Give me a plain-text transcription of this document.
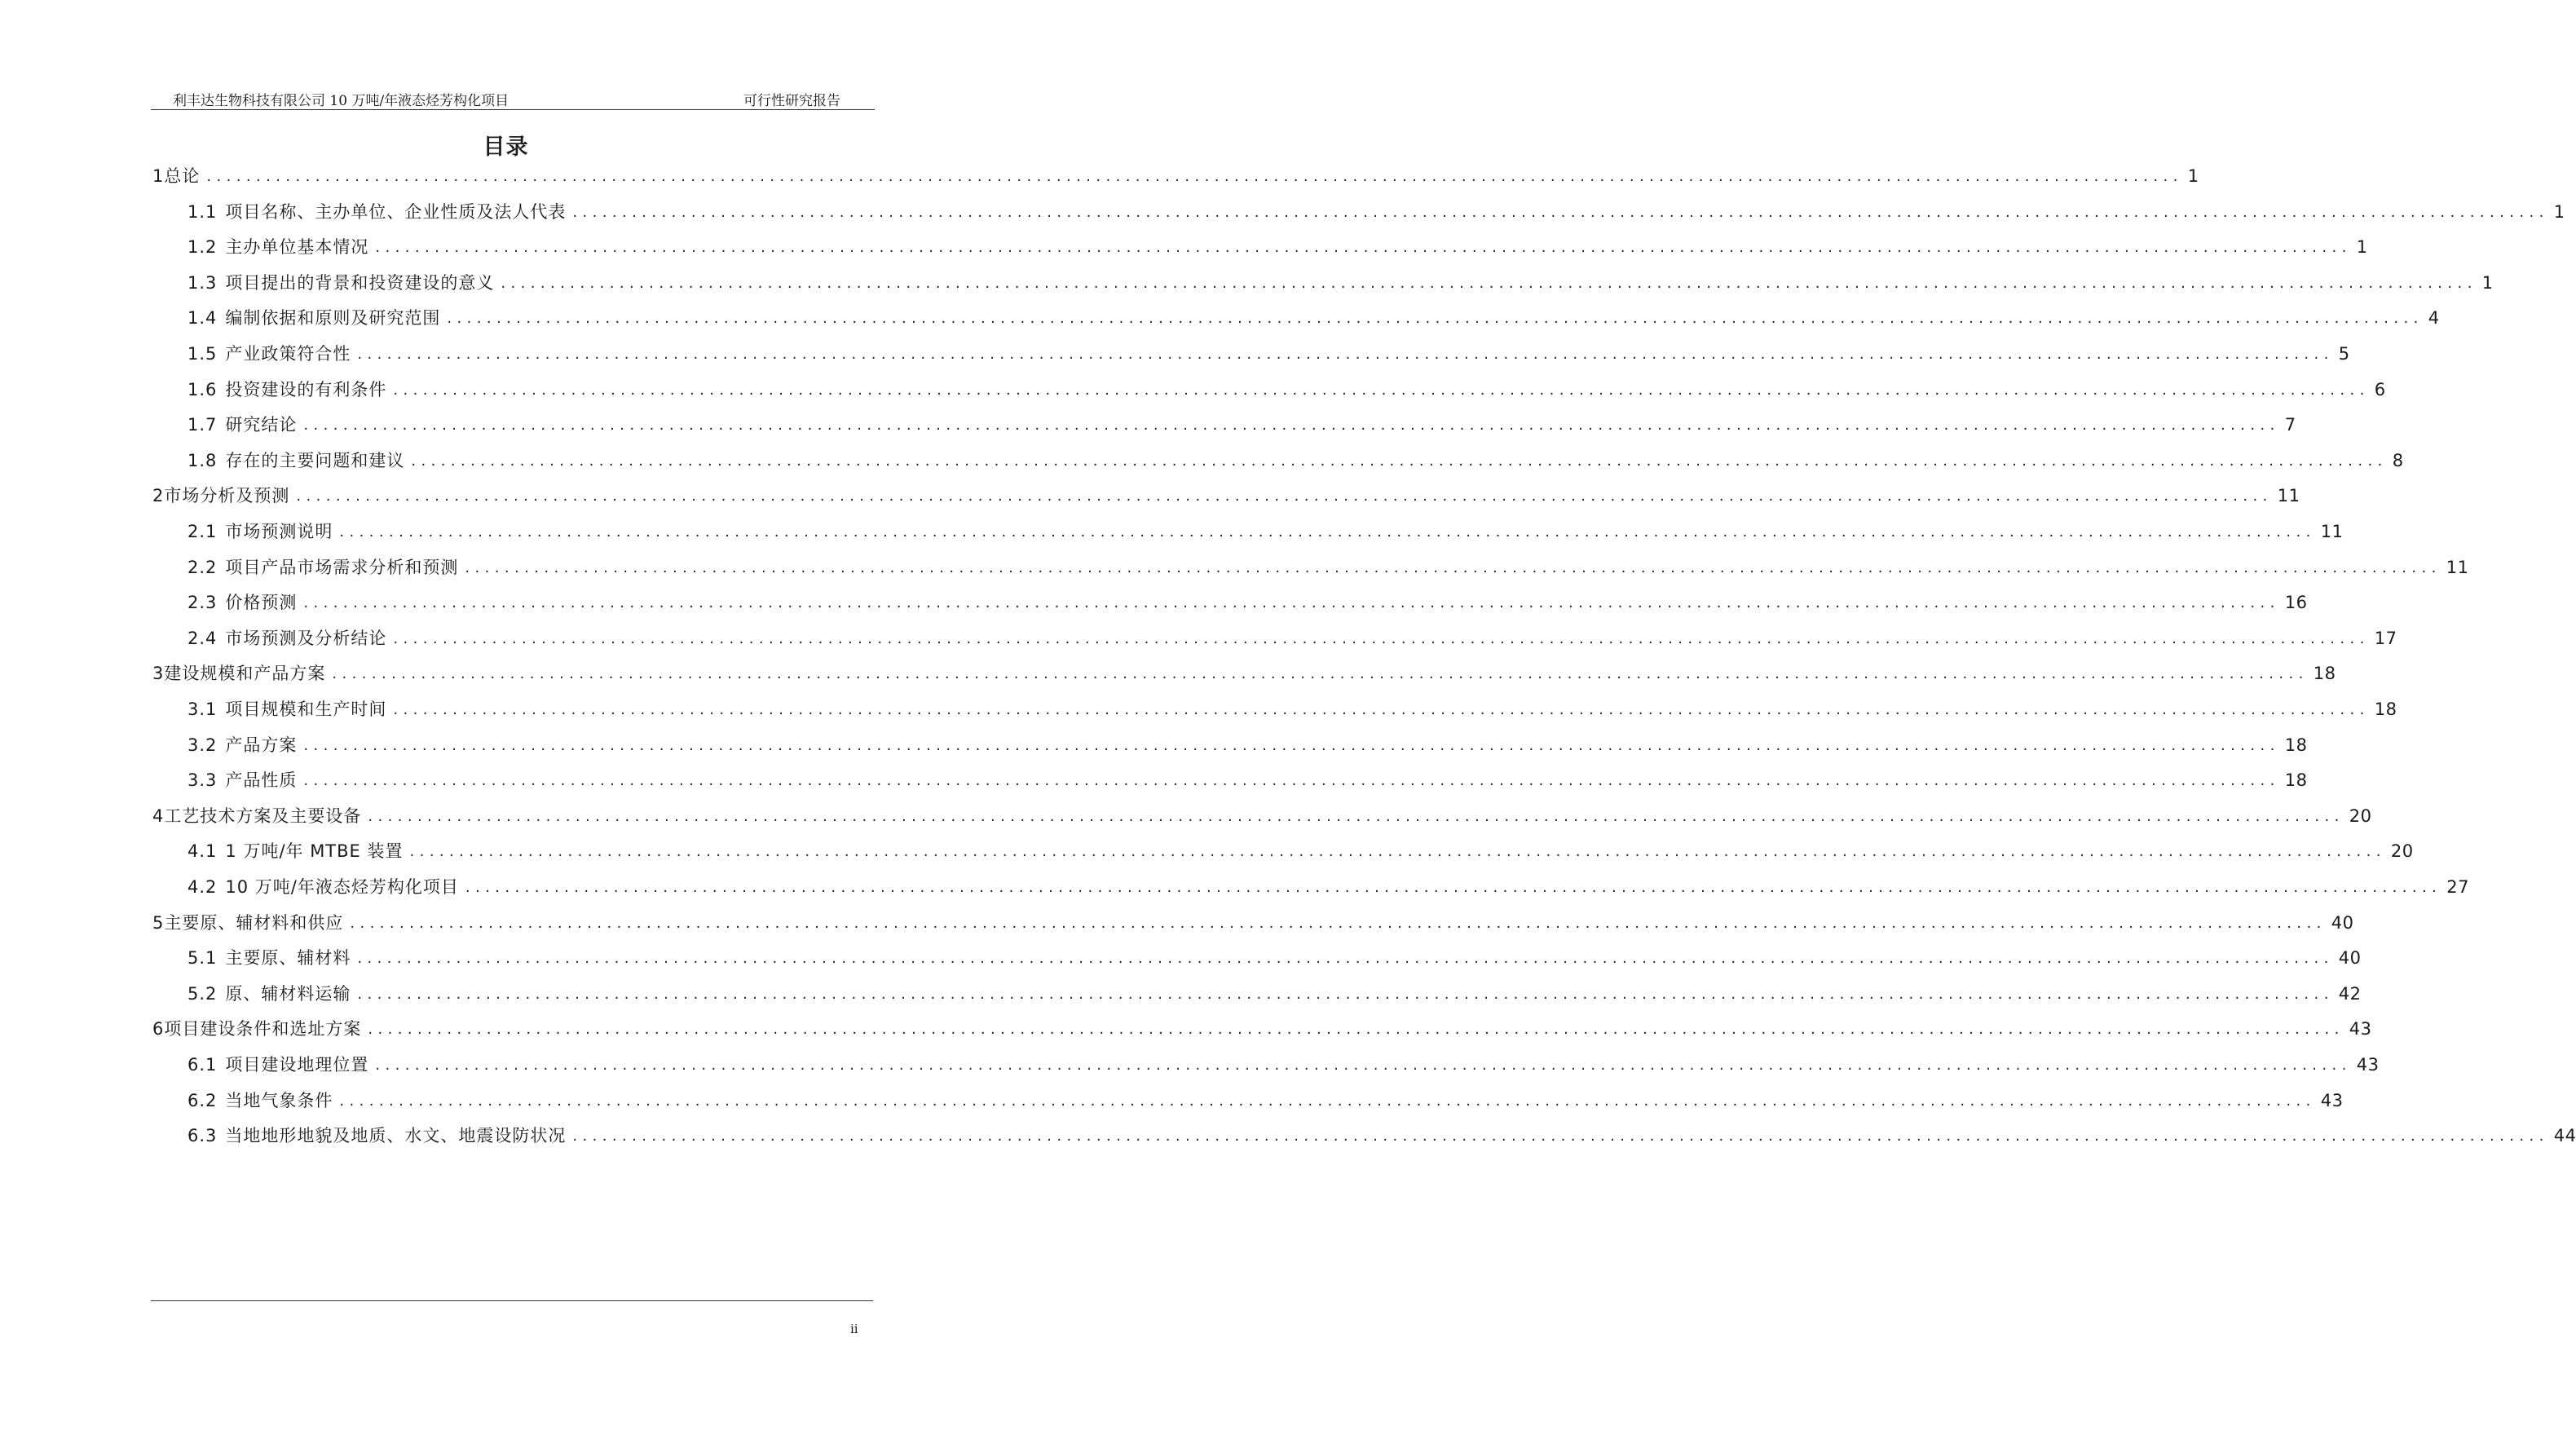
利丰达生物科技有限公司 10 万吨/年液态烃芳构化项目	可行性研究报告
目录
1 总论 ........................................................................................................................................................................................................ 1
1.1 项目名称、主办单位、企业性质及法人代表 ........................................................................................................................................................................................................ 1
1.2 主办单位基本情况 ........................................................................................................................................................................................................ 1
1.3 项目提出的背景和投资建设的意义 ........................................................................................................................................................................................................ 1
1.4 编制依据和原则及研究范围 ........................................................................................................................................................................................................ 4
1.5 产业政策符合性 ........................................................................................................................................................................................................ 5
1.6 投资建设的有利条件 ........................................................................................................................................................................................................ 6
1.7 研究结论 ........................................................................................................................................................................................................ 7
1.8 存在的主要问题和建议 ........................................................................................................................................................................................................ 8
2 市场分析及预测 ........................................................................................................................................................................................................ 11
2.1 市场预测说明 ........................................................................................................................................................................................................ 11
2.2 项目产品市场需求分析和预测 ........................................................................................................................................................................................................ 11
2.3 价格预测 ........................................................................................................................................................................................................ 16
2.4 市场预测及分析结论 ........................................................................................................................................................................................................ 17
3 建设规模和产品方案 ........................................................................................................................................................................................................ 18
3.1 项目规模和生产时间 ........................................................................................................................................................................................................ 18
3.2 产品方案 ........................................................................................................................................................................................................ 18
3.3 产品性质 ........................................................................................................................................................................................................ 18
4 工艺技术方案及主要设备 ........................................................................................................................................................................................................ 20
4.1 1 万吨/年 MTBE 装置 ........................................................................................................................................................................................................ 20
4.2 10 万吨/年液态烃芳构化项目 ........................................................................................................................................................................................................ 27
5 主要原、辅材料和供应 ........................................................................................................................................................................................................ 40
5.1 主要原、辅材料 ........................................................................................................................................................................................................ 40
5.2 原、辅材料运输 ........................................................................................................................................................................................................ 42
6 项目建设条件和选址方案 ........................................................................................................................................................................................................ 43
6.1 项目建设地理位置 ........................................................................................................................................................................................................ 43
6.2 当地气象条件 ........................................................................................................................................................................................................ 43
6.3 当地地形地貌及地质、水文、地震设防状况 ........................................................................................................................................................................................................ 44
ii
